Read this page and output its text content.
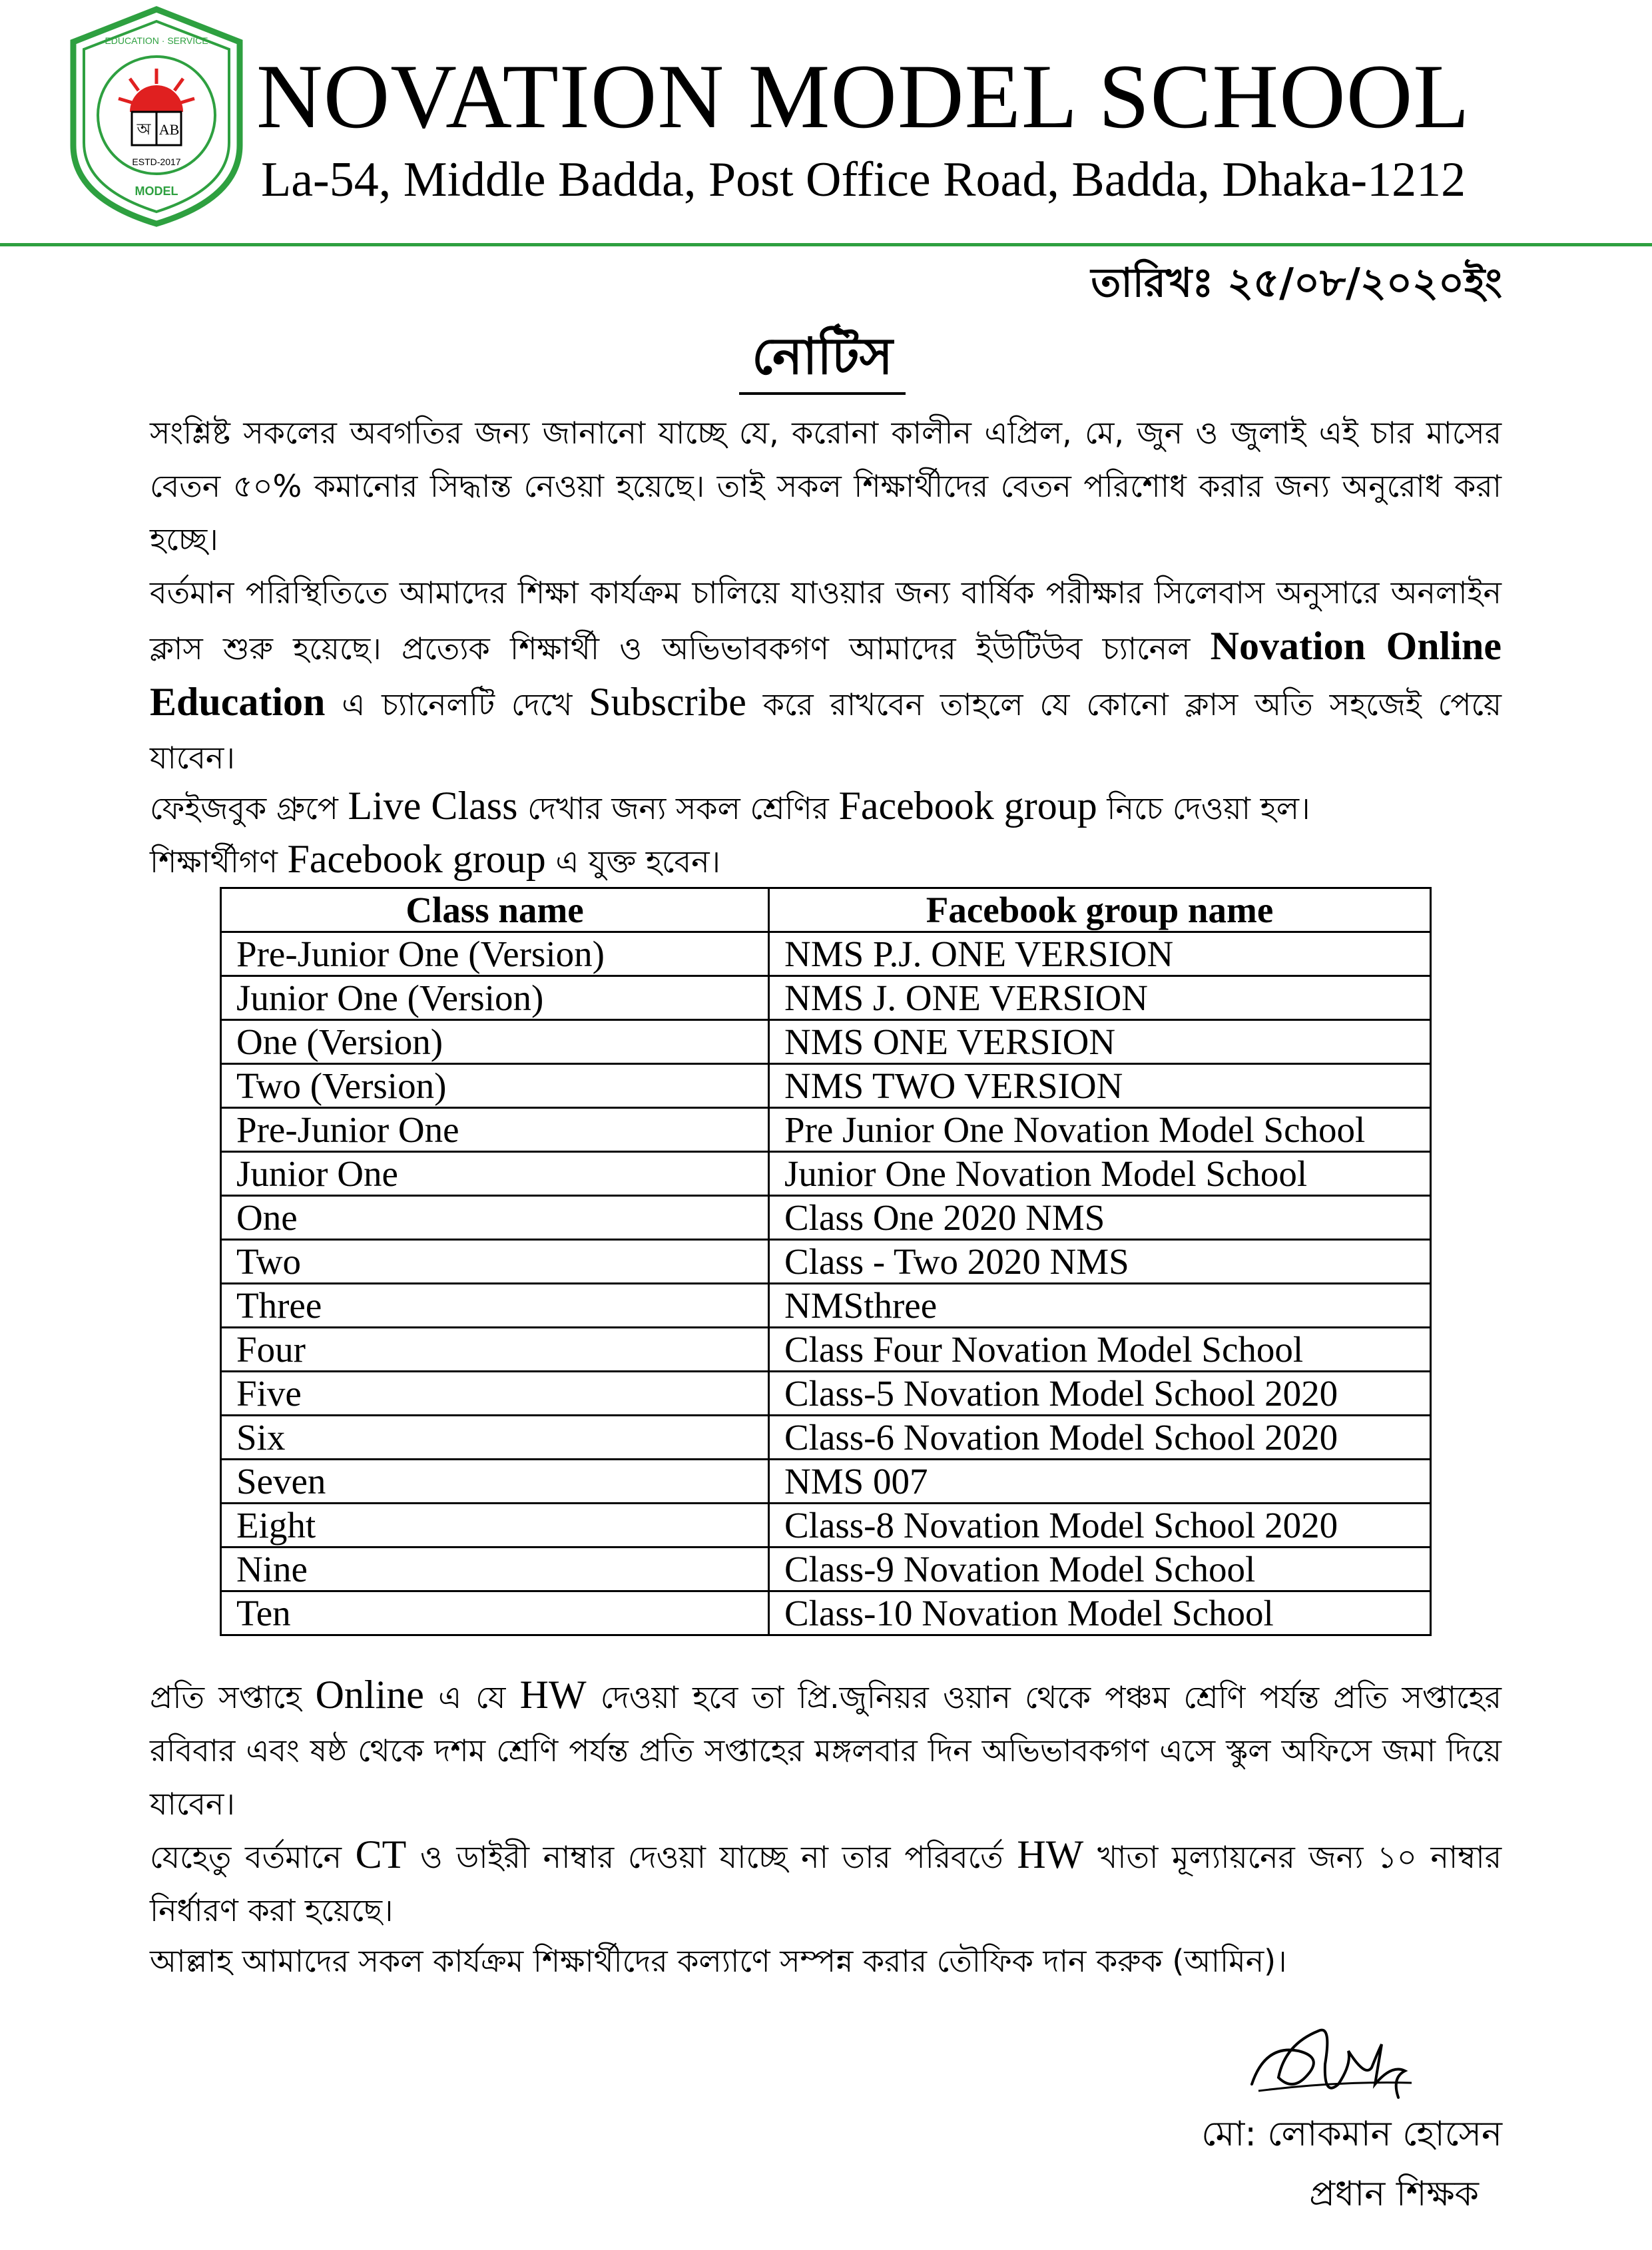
অ AB
ESTD-2017
MODEL
EDUCATION · SERVICE
NOVATION MODEL SCHOOL
La-54, Middle Badda, Post Office Road, Badda, Dhaka-1212
তারিখঃ ২৫/০৮/২০২০ইং
নোটিস
সংশ্লিষ্ট সকলের অবগতির জন্য জানানো যাচ্ছে যে, করোনা কালীন এপ্রিল, মে, জুন ও জুলাই এই চার মাসের বেতন ৫০% কমানোর সিদ্ধান্ত নেওয়া হয়েছে। তাই সকল শিক্ষার্থীদের বেতন পরিশোধ করার জন্য অনুরোধ করা হচ্ছে।
বর্তমান পরিস্থিতিতে আমাদের শিক্ষা কার্যক্রম চালিয়ে যাওয়ার জন্য বার্ষিক পরীক্ষার সিলেবাস অনুসারে অনলাইন ক্লাস শুরু হয়েছে। প্রত্যেক শিক্ষার্থী ও অভিভাবকগণ আমাদের ইউটিউব চ্যানেল Novation Online Education এ চ্যানেলটি দেখে Subscribe করে রাখবেন তাহলে যে কোনো ক্লাস অতি সহজেই পেয়ে যাবেন।
ফেইজবুক গ্রুপে Live Class দেখার জন্য সকল শ্রেণির Facebook group নিচে দেওয়া হল।
শিক্ষার্থীগণ Facebook group এ যুক্ত হবেন।
Class name	Facebook group name
Pre-Junior One (Version)	NMS P.J. ONE VERSION
Junior One (Version)	NMS J. ONE VERSION
One (Version)	NMS ONE VERSION
Two (Version)	NMS TWO VERSION
Pre-Junior One	Pre Junior One Novation Model School
Junior One	Junior One Novation Model School
One	Class One 2020 NMS
Two	Class - Two 2020 NMS
Three	NMSthree
Four	Class Four Novation Model School
Five	Class-5 Novation Model School 2020
Six	Class-6 Novation Model School 2020
Seven	NMS 007
Eight	Class-8 Novation Model School 2020
Nine	Class-9 Novation Model School
Ten	Class-10 Novation Model School
প্রতি সপ্তাহে Online এ যে HW দেওয়া হবে তা প্রি.জুনিয়র ওয়ান থেকে পঞ্চম শ্রেণি পর্যন্ত প্রতি সপ্তাহের রবিবার এবং ষষ্ঠ থেকে দশম শ্রেণি পর্যন্ত প্রতি সপ্তাহের মঙ্গলবার দিন অভিভাবকগণ এসে স্কুল অফিসে জমা দিয়ে যাবেন।
যেহেতু বর্তমানে CT ও ডাইরী নাম্বার দেওয়া যাচ্ছে না তার পরিবর্তে HW খাতা মূল্যায়নের জন্য ১০ নাম্বার নির্ধারণ করা হয়েছে।
আল্লাহ আমাদের সকল কার্যক্রম শিক্ষার্থীদের কল্যাণে সম্পন্ন করার তৌফিক দান করুক (আমিন)।
মো: লোকমান হোসেন
প্রধান শিক্ষক
